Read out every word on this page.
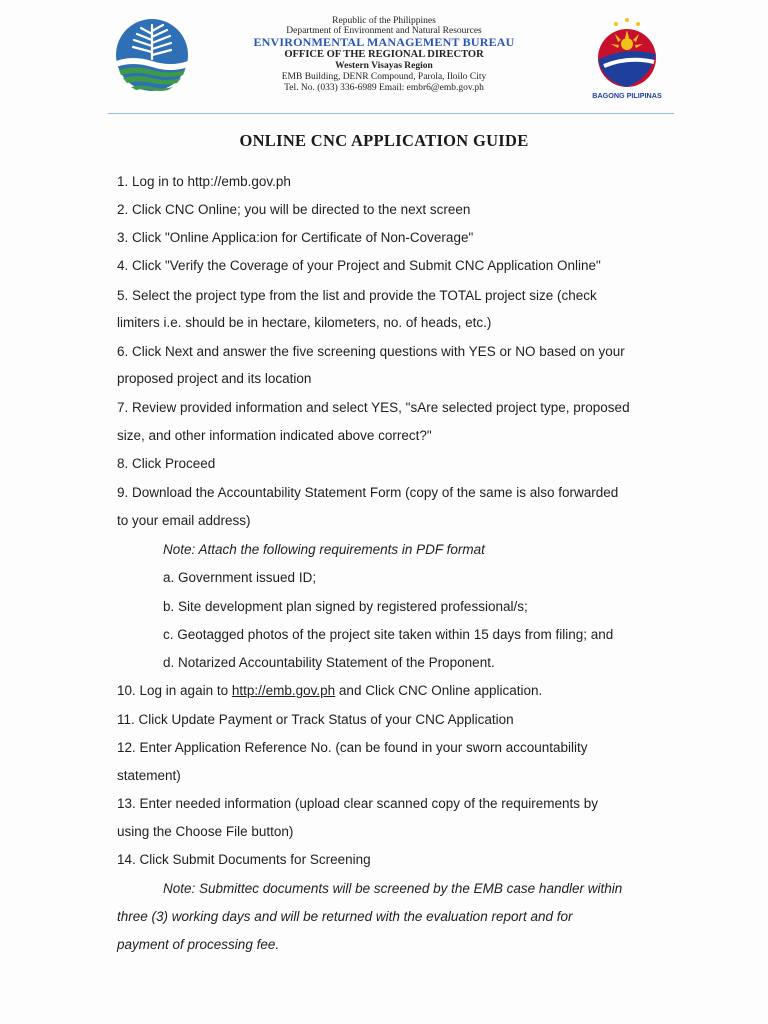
Republic of the Philippines
Department of Environment and Natural Resources
ENVIRONMENTAL MANAGEMENT BUREAU
OFFICE OF THE REGIONAL DIRECTOR
Western Visayas Region
EMB Building, DENR Compound, Parola, Iloilo City
Tel. No. (033) 336-6989 Email: embr6@emb.gov.ph
BAGONG PILIPINAS
ONLINE CNC APPLICATION GUIDE
1. Log in to http://emb.gov.ph
2. Click CNC Online; you will be directed to the next screen
3. Click "Online Applica:ion for Certificate of Non-Coverage"
4. Click "Verify the Coverage of your Project and Submit CNC Application Online"
5. Select the project type from the list and provide the TOTAL project size (check
limiters i.e. should be in hectare, kilometers, no. of heads, etc.)
6. Click Next and answer the five screening questions with YES or NO based on your
proposed project and its location
7. Review provided information and select YES, "sAre selected project type, proposed
size, and other information indicated above correct?"
8. Click Proceed
9. Download the Accountability Statement Form (copy of the same is also forwarded
to your email address)
Note: Attach the following requirements in PDF format
a. Government issued ID;
b. Site development plan signed by registered professional/s;
c. Geotagged photos of the project site taken within 15 days from filing; and
d. Notarized Accountability Statement of the Proponent.
10. Log in again to http://emb.gov.ph and Click CNC Online application.
11. Click Update Payment or Track Status of your CNC Application
12. Enter Application Reference No. (can be found in your sworn accountability
statement)
13. Enter needed information (upload clear scanned copy of the requirements by
using the Choose File button)
14. Click Submit Documents for Screening
Note: Submittec documents will be screened by the EMB case handler within
three (3) working days and will be returned with the evaluation report and for
payment of processing fee.
